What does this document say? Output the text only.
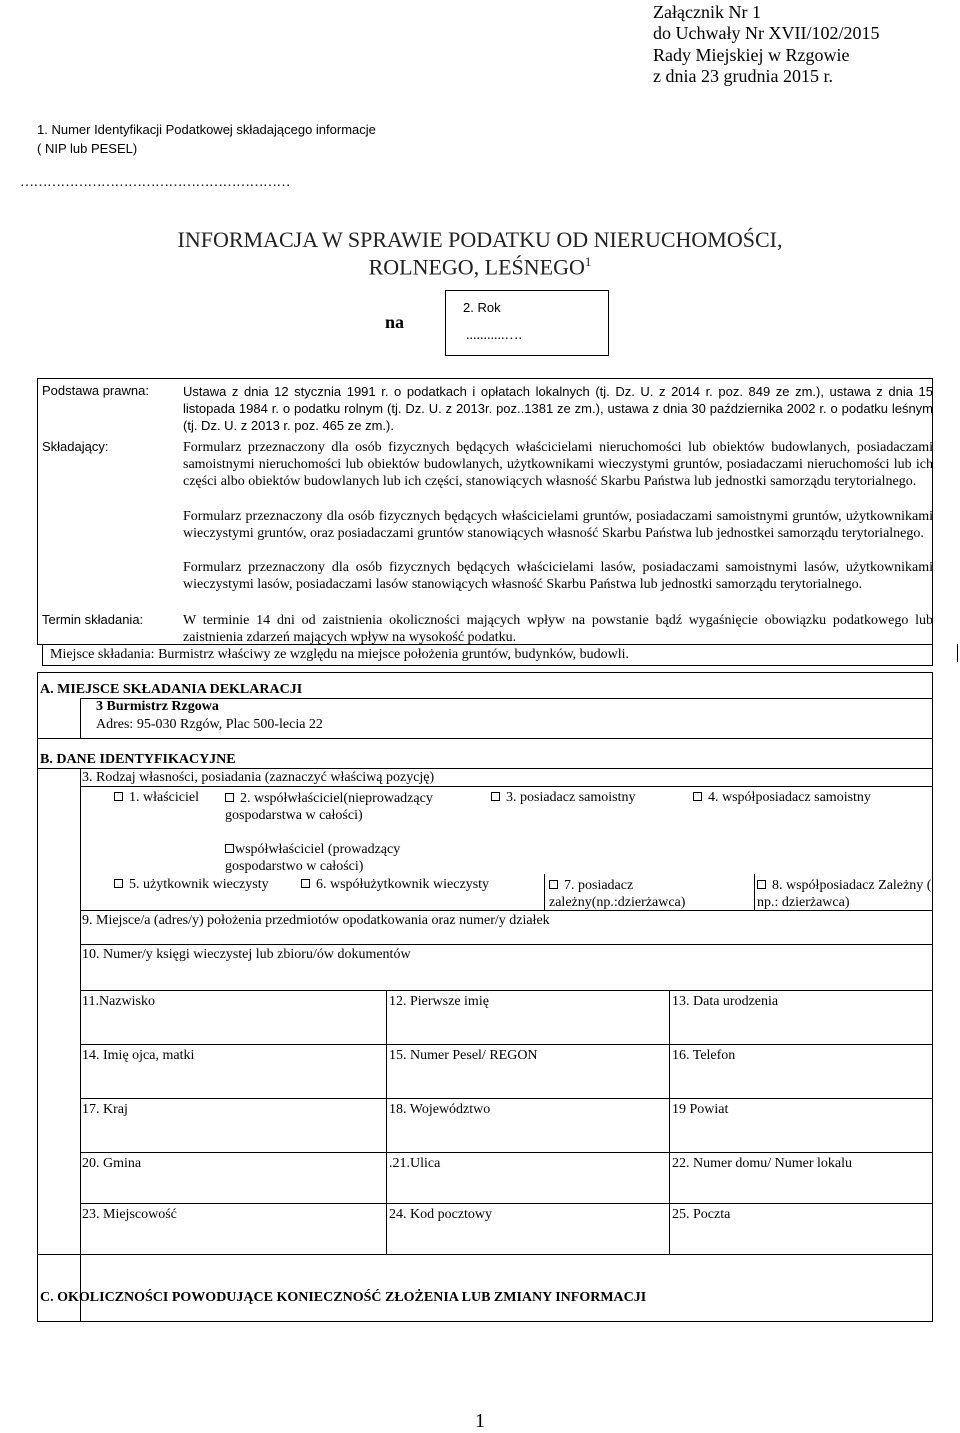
Załącznik Nr 1
do Uchwały Nr XVII/102/2015
Rady Miejskiej w Rzgowie
z dnia 23 grudnia 2015 r.
1. Numer Identyfikacji Podatkowej składającego informacje
( NIP lub PESEL)
……………………………………………………
INFORMACJA W SPRAWIE PODATKU OD NIERUCHOMOŚCI,
ROLNEGO, LEŚNEGO$^1$
na
2. Rok
...........….
Podstawa prawna:	Ustawa z dnia 12 stycznia 1991 r. o podatkach i opłatach lokalnych (tj. Dz. U. z 2014 r. poz. 849 ze zm.), ustawa z dnia 15 listopada 1984 r. o podatku rolnym (tj. Dz. U. z 2013r. poz..1381 ze zm.), ustawa z dnia 30 października 2002 r. o podatku leśnym (tj. Dz. U. z 2013 r. poz. 465 ze zm.).
Składający:	Formularz przeznaczony dla osób fizycznych będących właścicielami nieruchomości lub obiektów budowlanych, posiadaczami samoistnymi nieruchomości lub obiektów budowlanych, użytkownikami wieczystymi gruntów, posiadaczami nieruchomości lub ich części albo obiektów budowlanych lub ich części, stanowiących własność Skarbu Państwa lub jednostki samorządu terytorialnego.
Formularz przeznaczony dla osób fizycznych będących właścicielami gruntów, posiadaczami samoistnymi gruntów, użytkownikami wieczystymi gruntów, oraz posiadaczami gruntów stanowiących własność Skarbu Państwa lub jednostkei samorządu terytorialnego.
Formularz przeznaczony dla osób fizycznych będących właścicielami lasów, posiadaczami samoistnymi lasów, użytkownikami wieczystymi lasów, posiadaczami lasów stanowiących własność Skarbu Państwa lub jednostki samorządu terytorialnego.
Termin składania:	W terminie 14 dni od zaistnienia okoliczności mających wpływ na powstanie bądź wygaśnięcie obowiązku podatkowego lub zaistnienia zdarzeń mających wpływ na wysokość podatku.
Miejsce składania: Burmistrz właściwy ze względu na miejsce położenia gruntów, budynków, budowli.
A. MIEJSCE SKŁADANIA DEKLARACJI
3 Burmistrz Rzgowa
Adres: 95-030 Rzgów, Plac 500-lecia 22
B. DANE IDENTYFIKACYJNE
3. Rodzaj własności, posiadania (zaznaczyć właściwą pozycję)
1. właściciel	2. współwłaściciel(nieprowadzący gospodarstwa w całości)
3. posiadacz samoistny	4. współposiadacz samoistny
współwłaściciel (prowadzący gospodarstwo w całości)
5. użytkownik wieczysty	6. współużytkownik wieczysty	7. posiadacz zależny(np.:dzierżawca)
8. współposiadacz Zależny ( np.: dzierżawca)
9. Miejsce/a (adres/y) położenia przedmiotów opodatkowania oraz numer/y działek
10. Numer/y księgi wieczystej lub zbioru/ów dokumentów
11.Nazwisko	12. Pierwsze imię	13. Data urodzenia
14. Imię ojca, matki	15. Numer Pesel/ REGON	16. Telefon
17. Kraj	18. Województwo	19 Powiat
20. Gmina	.21.Ulica	22. Numer domu/ Numer lokalu
23. Miejscowość	24. Kod pocztowy	25. Poczta
C. OKOLICZNOŚCI POWODUJĄCE KONIECZNOŚĆ ZŁOŻENIA LUB ZMIANY INFORMACJI
1
